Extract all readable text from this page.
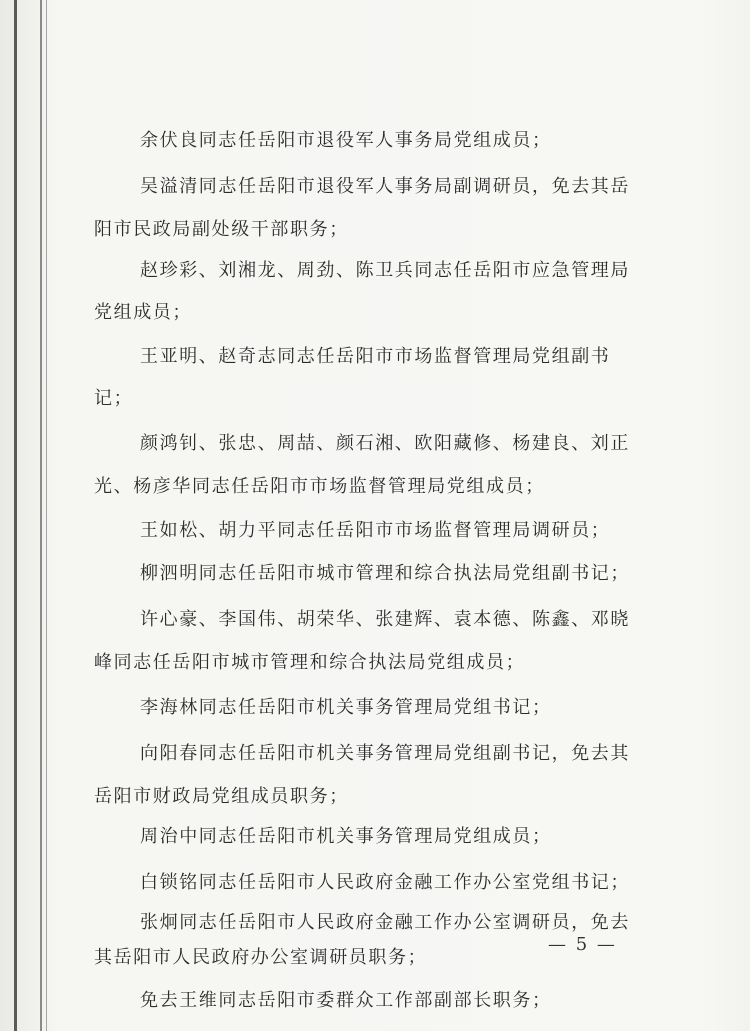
余伏良同志任岳阳市退役军人事务局党组成员；
吴溢清同志任岳阳市退役军人事务局副调研员，免去其岳
阳市民政局副处级干部职务；
赵珍彩、刘湘龙、周劲、陈卫兵同志任岳阳市应急管理局
党组成员；
王亚明、赵奇志同志任岳阳市市场监督管理局党组副书
记；
颜鸿钊、张忠、周喆、颜石湘、欧阳藏修、杨建良、刘正
光、杨彦华同志任岳阳市市场监督管理局党组成员；
王如松、胡力平同志任岳阳市市场监督管理局调研员；
柳泗明同志任岳阳市城市管理和综合执法局党组副书记；
许心豪、李国伟、胡荣华、张建辉、袁本德、陈鑫、邓晓
峰同志任岳阳市城市管理和综合执法局党组成员；
李海林同志任岳阳市机关事务管理局党组书记；
向阳春同志任岳阳市机关事务管理局党组副书记，免去其
岳阳市财政局党组成员职务；
周治中同志任岳阳市机关事务管理局党组成员；
白锁铭同志任岳阳市人民政府金融工作办公室党组书记；
张炯同志任岳阳市人民政府金融工作办公室调研员，免去
其岳阳市人民政府办公室调研员职务；
免去王维同志岳阳市委群众工作部副部长职务；
— 5 —
